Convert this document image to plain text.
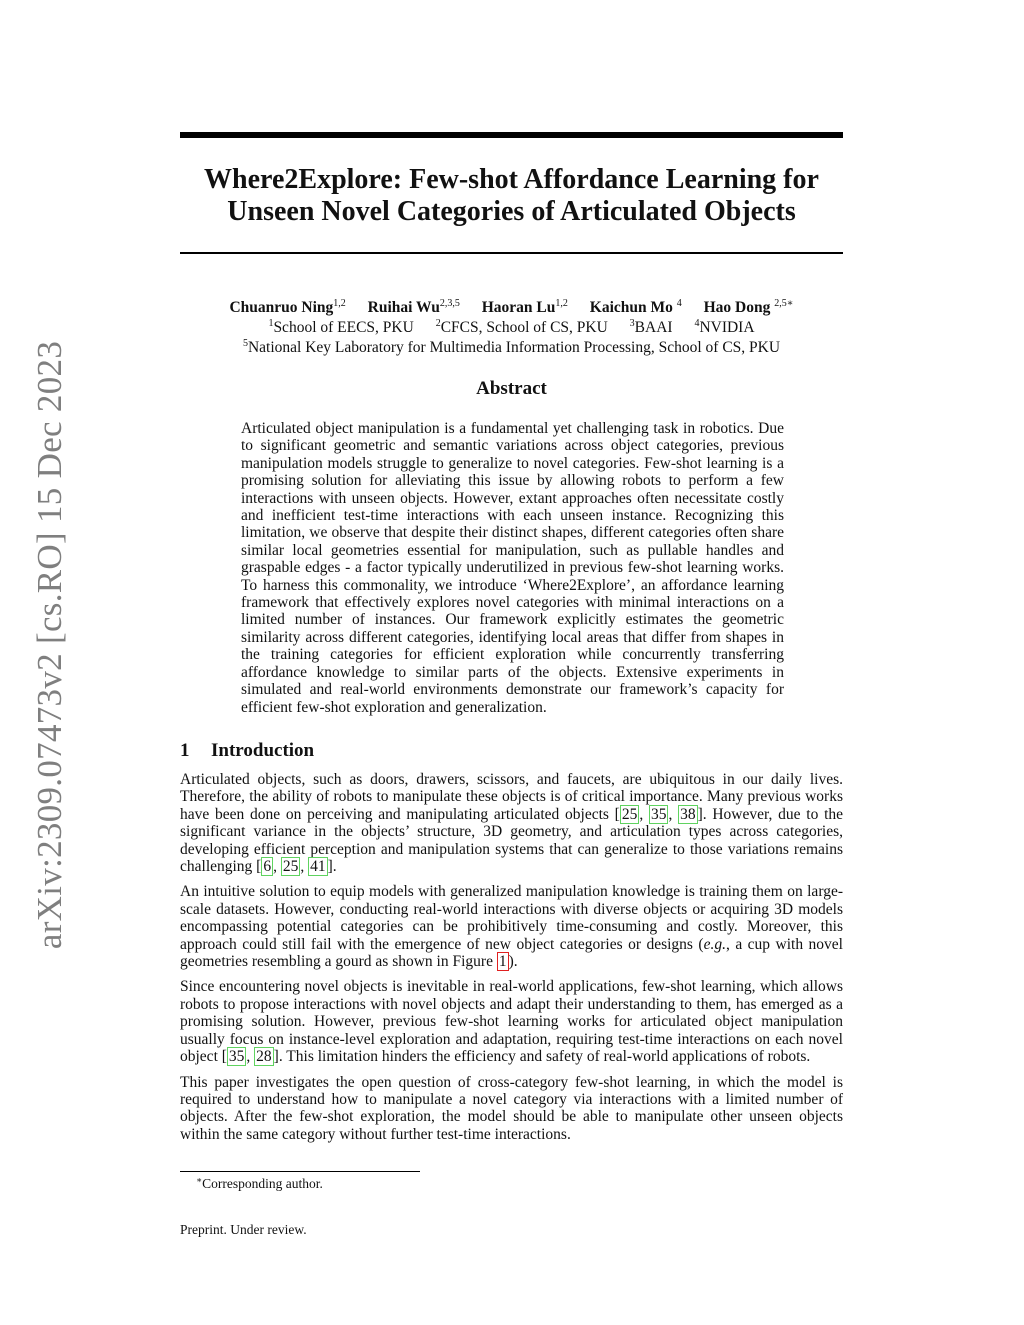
arXiv:2309.07473v2 [cs.RO] 15 Dec 2023
Where2Explore: Few-shot Affordance Learning for
Unseen Novel Categories of Articulated Objects
Chuanruo Ning$^{1,2}$ Ruihai Wu$^{2,3,5}$ Haoran Lu$^{1,2}$ Kaichun Mo $^4$ Hao Dong $^{2,5∗}$
$^1$School of EECS, PKU $^2$CFCS, School of CS, PKU $^3$BAAI $^4$NVIDIA
$^5$National Key Laboratory for Multimedia Information Processing, School of CS, PKU
Abstract

Articulated object manipulation is a fundamental yet challenging task in robotics. Due to significant geometric and semantic variations across object categories, previous manipulation models struggle to generalize to novel categories. Few-shot learning is a promising solution for alleviating this issue by allowing robots to perform a few interactions with unseen objects. However, extant approaches often necessitate costly and inefficient test-time interactions with each unseen instance. Recognizing this limitation, we observe that despite their distinct shapes, different categories often share similar local geometries essential for manipulation, such as pullable handles and graspable edges - a factor typically underutilized in previous few-shot learning works. To harness this commonality, we introduce ‘Where2Explore’, an affordance learning framework that effectively explores novel categories with minimal interactions on a limited number of instances. Our framework explicitly estimates the geometric similarity across different categories, identifying local areas that differ from shapes in the training categories for efficient exploration while concurrently transferring affordance knowledge to similar parts of the objects. Extensive experiments in simulated and real-world environments demonstrate our framework’s capacity for efficient few-shot exploration and generalization.

1 Introduction

Articulated objects, such as doors, drawers, scissors, and faucets, are ubiquitous in our daily lives. Therefore, the ability of robots to manipulate these objects is of critical importance. Many previous works have been done on perceiving and manipulating articulated objects [ 25 , 35 , 38 ]. However, due to the significant variance in the objects’ structure, 3D geometry, and articulation types across categories, developing efficient perception and manipulation systems that can generalize to those variations remains challenging [ 6 , 25 , 41 ].

An intuitive solution to equip models with generalized manipulation knowledge is training them on large-scale datasets. However, conducting real-world interactions with diverse objects or acquiring 3D models encompassing potential categories can be prohibitively time-consuming and costly. Moreover, this approach could still fail with the emergence of new object categories or designs (e.g., a cup with novel geometries resembling a gourd as shown in Figure 1 ).

Since encountering novel objects is inevitable in real-world applications, few-shot learning, which allows robots to propose interactions with novel objects and adapt their understanding to them, has emerged as a promising solution. However, previous few-shot learning works for articulated object manipulation usually focus on instance-level exploration and adaptation, requiring test-time interactions on each novel object [ 35 , 28 ]. This limitation hinders the efficiency and safety of real-world applications of robots.

This paper investigates the open question of cross-category few-shot learning, in which the model is required to understand how to manipulate a novel category via interactions with a limited number of objects. After the few-shot exploration, the model should be able to manipulate other unseen objects within the same category without further test-time interactions.

∗Corresponding author.
Preprint. Under review.
